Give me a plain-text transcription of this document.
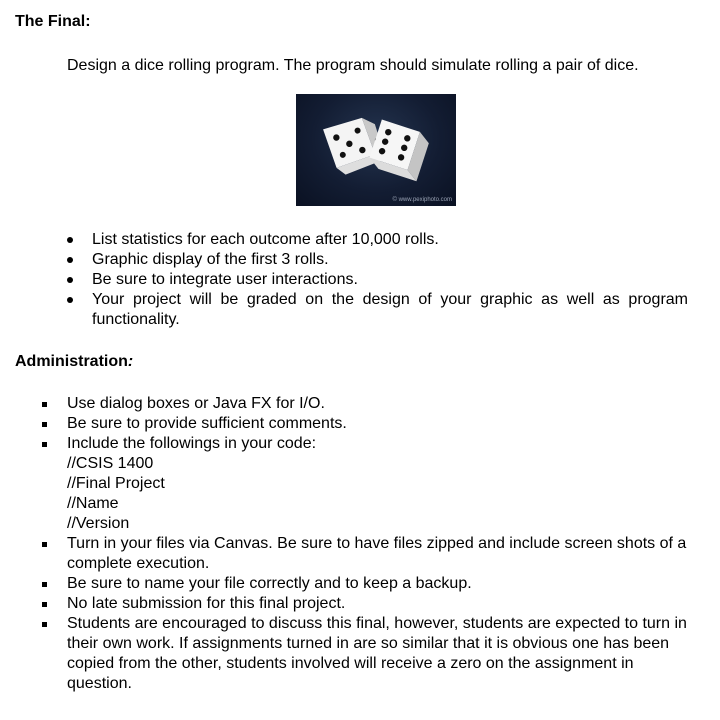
The Final:

Design a dice rolling program. The program should simulate rolling a pair of dice.

© www.pexiphoto.com
List statistics for each outcome after 10,000 rolls.
Graphic display of the first 3 rolls.
Be sure to integrate user interactions.
Your project will be graded on the design of your graphic as well as program functionality.
Administration:
Use dialog boxes or Java FX for I/O.
Be sure to provide sufficient comments.
Include the followings in your code:
//CSIS 1400
//Final Project
//Name
//Version
Turn in your files via Canvas. Be sure to have files zipped and include screen shots of a complete execution.
Be sure to name your file correctly and to keep a backup.
No late submission for this final project.
Students are encouraged to discuss this final, however, students are expected to turn in their own work. If assignments turned in are so similar that it is obvious one has been copied from the other, students involved will receive a zero on the assignment in question.
